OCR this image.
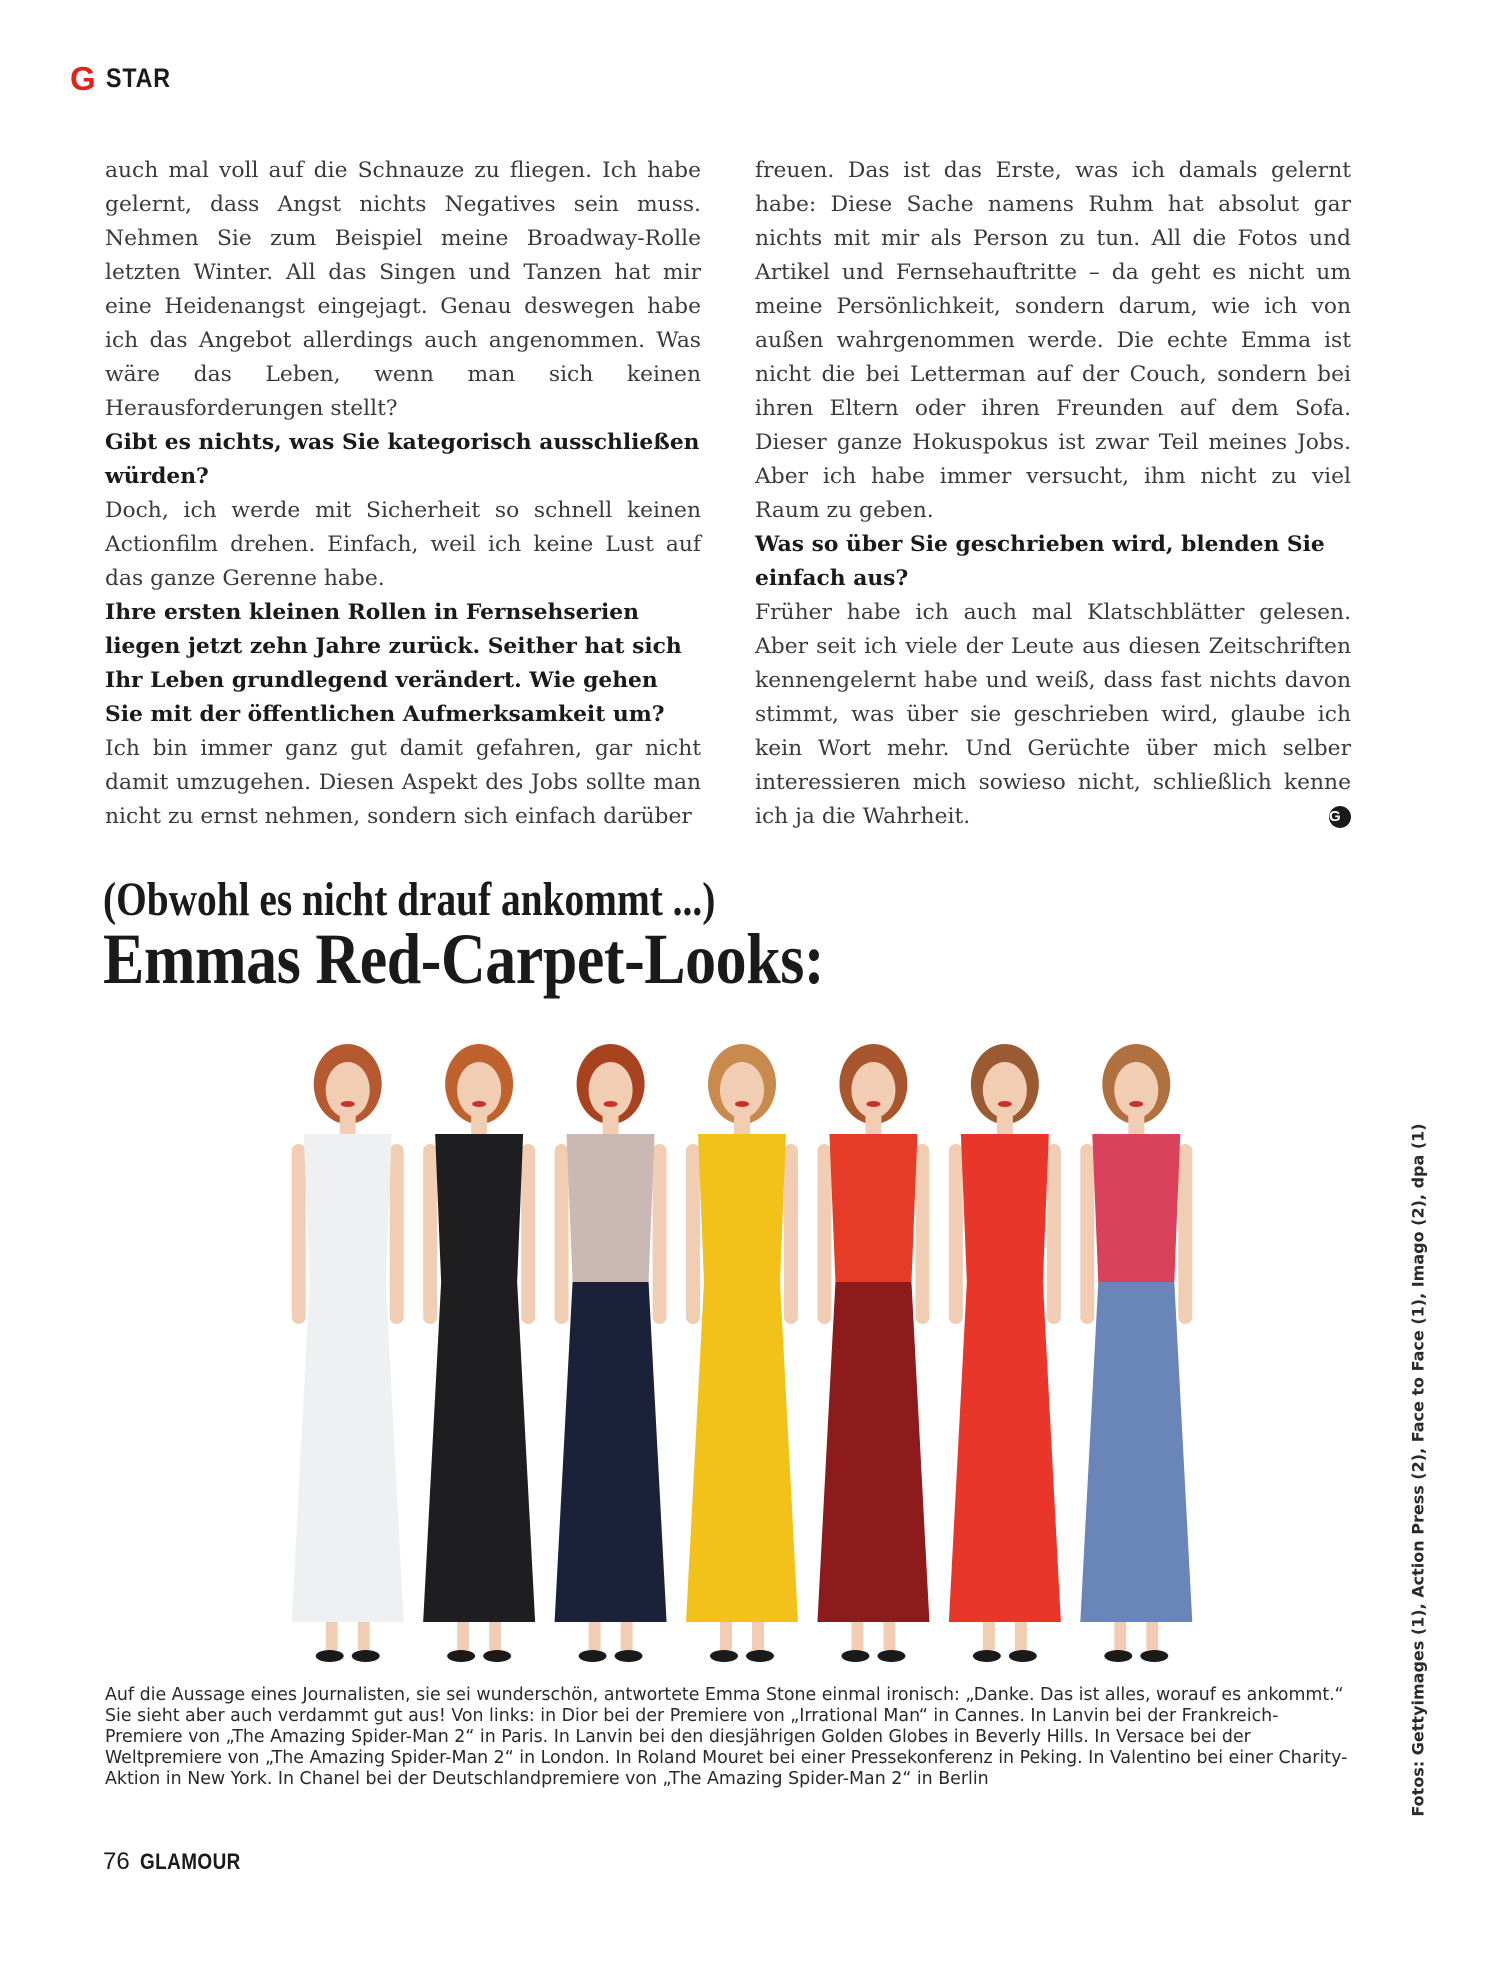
G STAR

auch mal voll auf die Schnauze zu fliegen. Ich habe gelernt, dass Angst nichts Negatives sein muss. Nehmen Sie zum Beispiel meine Broadway-Rolle letzten Winter. All das Singen und Tanzen hat mir eine Heidenangst eingejagt. Genau deswegen habe ich das Angebot allerdings auch angenommen. Was wäre das Leben, wenn man sich keinen Herausforderungen stellt?

Gibt es nichts, was Sie kategorisch ausschließen würden?

Doch, ich werde mit Sicherheit so schnell keinen Actionfilm drehen. Einfach, weil ich keine Lust auf das ganze Gerenne habe.

Ihre ersten kleinen Rollen in Fernsehserien liegen jetzt zehn Jahre zurück. Seither hat sich Ihr Leben grundlegend verändert. Wie gehen Sie mit der öffentlichen Aufmerksamkeit um?

Ich bin immer ganz gut damit gefahren, gar nicht damit umzugehen. Diesen Aspekt des Jobs sollte man nicht zu ernst nehmen, sondern sich einfach darüber

freuen. Das ist das Erste, was ich damals gelernt habe: Diese Sache namens Ruhm hat absolut gar nichts mit mir als Person zu tun. All die Fotos und Artikel und Fernsehauftritte – da geht es nicht um meine Persönlichkeit, sondern darum, wie ich von außen wahrgenommen werde. Die echte Emma ist nicht die bei Letterman auf der Couch, sondern bei ihren Eltern oder ihren Freunden auf dem Sofa. Dieser ganze Hokuspokus ist zwar Teil meines Jobs. Aber ich habe immer versucht, ihm nicht zu viel Raum zu geben.

Was so über Sie geschrieben wird, blenden Sie einfach aus?

Früher habe ich auch mal Klatschblätter gelesen. Aber seit ich viele der Leute aus diesen Zeitschriften kennengelernt habe und weiß, dass fast nichts davon stimmt, was über sie geschrieben wird, glaube ich kein Wort mehr. Und Gerüchte über mich selber interessieren mich sowieso nicht, schließlich kenne ich ja die Wahrheit.	G

(Obwohl es nicht drauf ankommt ...)
Emmas Red-Carpet-Looks:
Fotos: Gettyimages (1), Action Press (2), Face to Face (1), Imago (2), dpa (1)
Auf die Aussage eines Journalisten, sie sei wunderschön, antwortete Emma Stone einmal ironisch: „Danke. Das ist alles, worauf es ankommt.“ Sie sieht aber auch verdammt gut aus! Von links: in Dior bei der Premiere von „Irrational Man“ in Cannes. In Lanvin bei der Frankreich-Premiere von „The Amazing Spider-Man 2“ in Paris. In Lanvin bei den diesjährigen Golden Globes in Beverly Hills. In Versace bei der Weltpremiere von „The Amazing Spider-Man 2“ in London. In Roland Mouret bei einer Pressekonferenz in Peking. In Valentino bei einer Charity-Aktion in New York. In Chanel bei der Deutschlandpremiere von „The Amazing Spider-Man 2“ in Berlin
76 GLAMOUR
